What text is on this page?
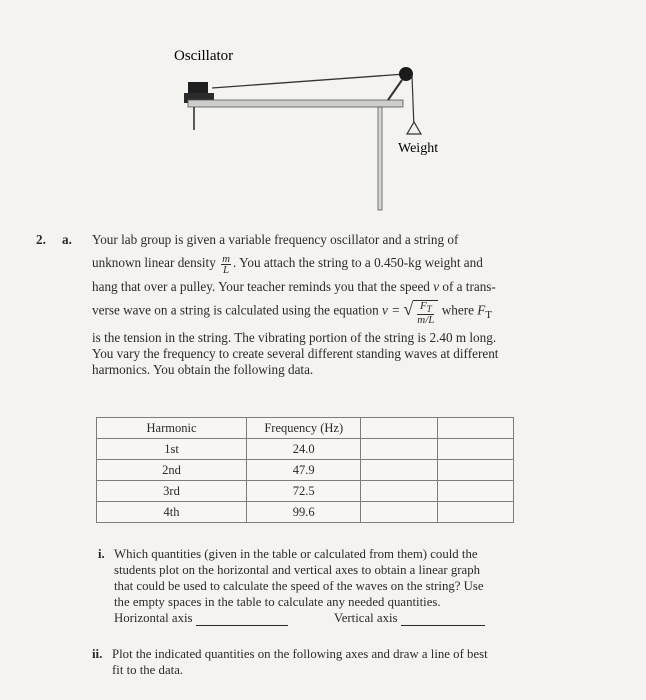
Oscillator
Weight
2. a. Your lab group is given a variable frequency oscillator and a string of
unknown linear density $\frac{m}{L}$ . You attach the string to a 0.450-kg weight and
hang that over a pulley. Your teacher reminds you that the speed v of a trans-
verse wave on a string is calculated using the equation v = √ $\frac{F_T}{m/L}$ where $F_T$
is the tension in the string. The vibrating portion of the string is 2.40 m long.
You vary the frequency to create several different standing waves at different
harmonics. You obtain the following data.
Harmonic	Frequency (Hz)		
1st	24.0		
2nd	47.9		
3rd	72.5		
4th	99.6		
i. Which quantities (given in the table or calculated from them) could the
students plot on the horizontal and vertical axes to obtain a linear graph
that could be used to calculate the speed of the waves on the string? Use
the empty spaces in the table to calculate any needed quantities.
Horizontal axis	Vertical axis
ii. Plot the indicated quantities on the following axes and draw a line of best
fit to the data.
